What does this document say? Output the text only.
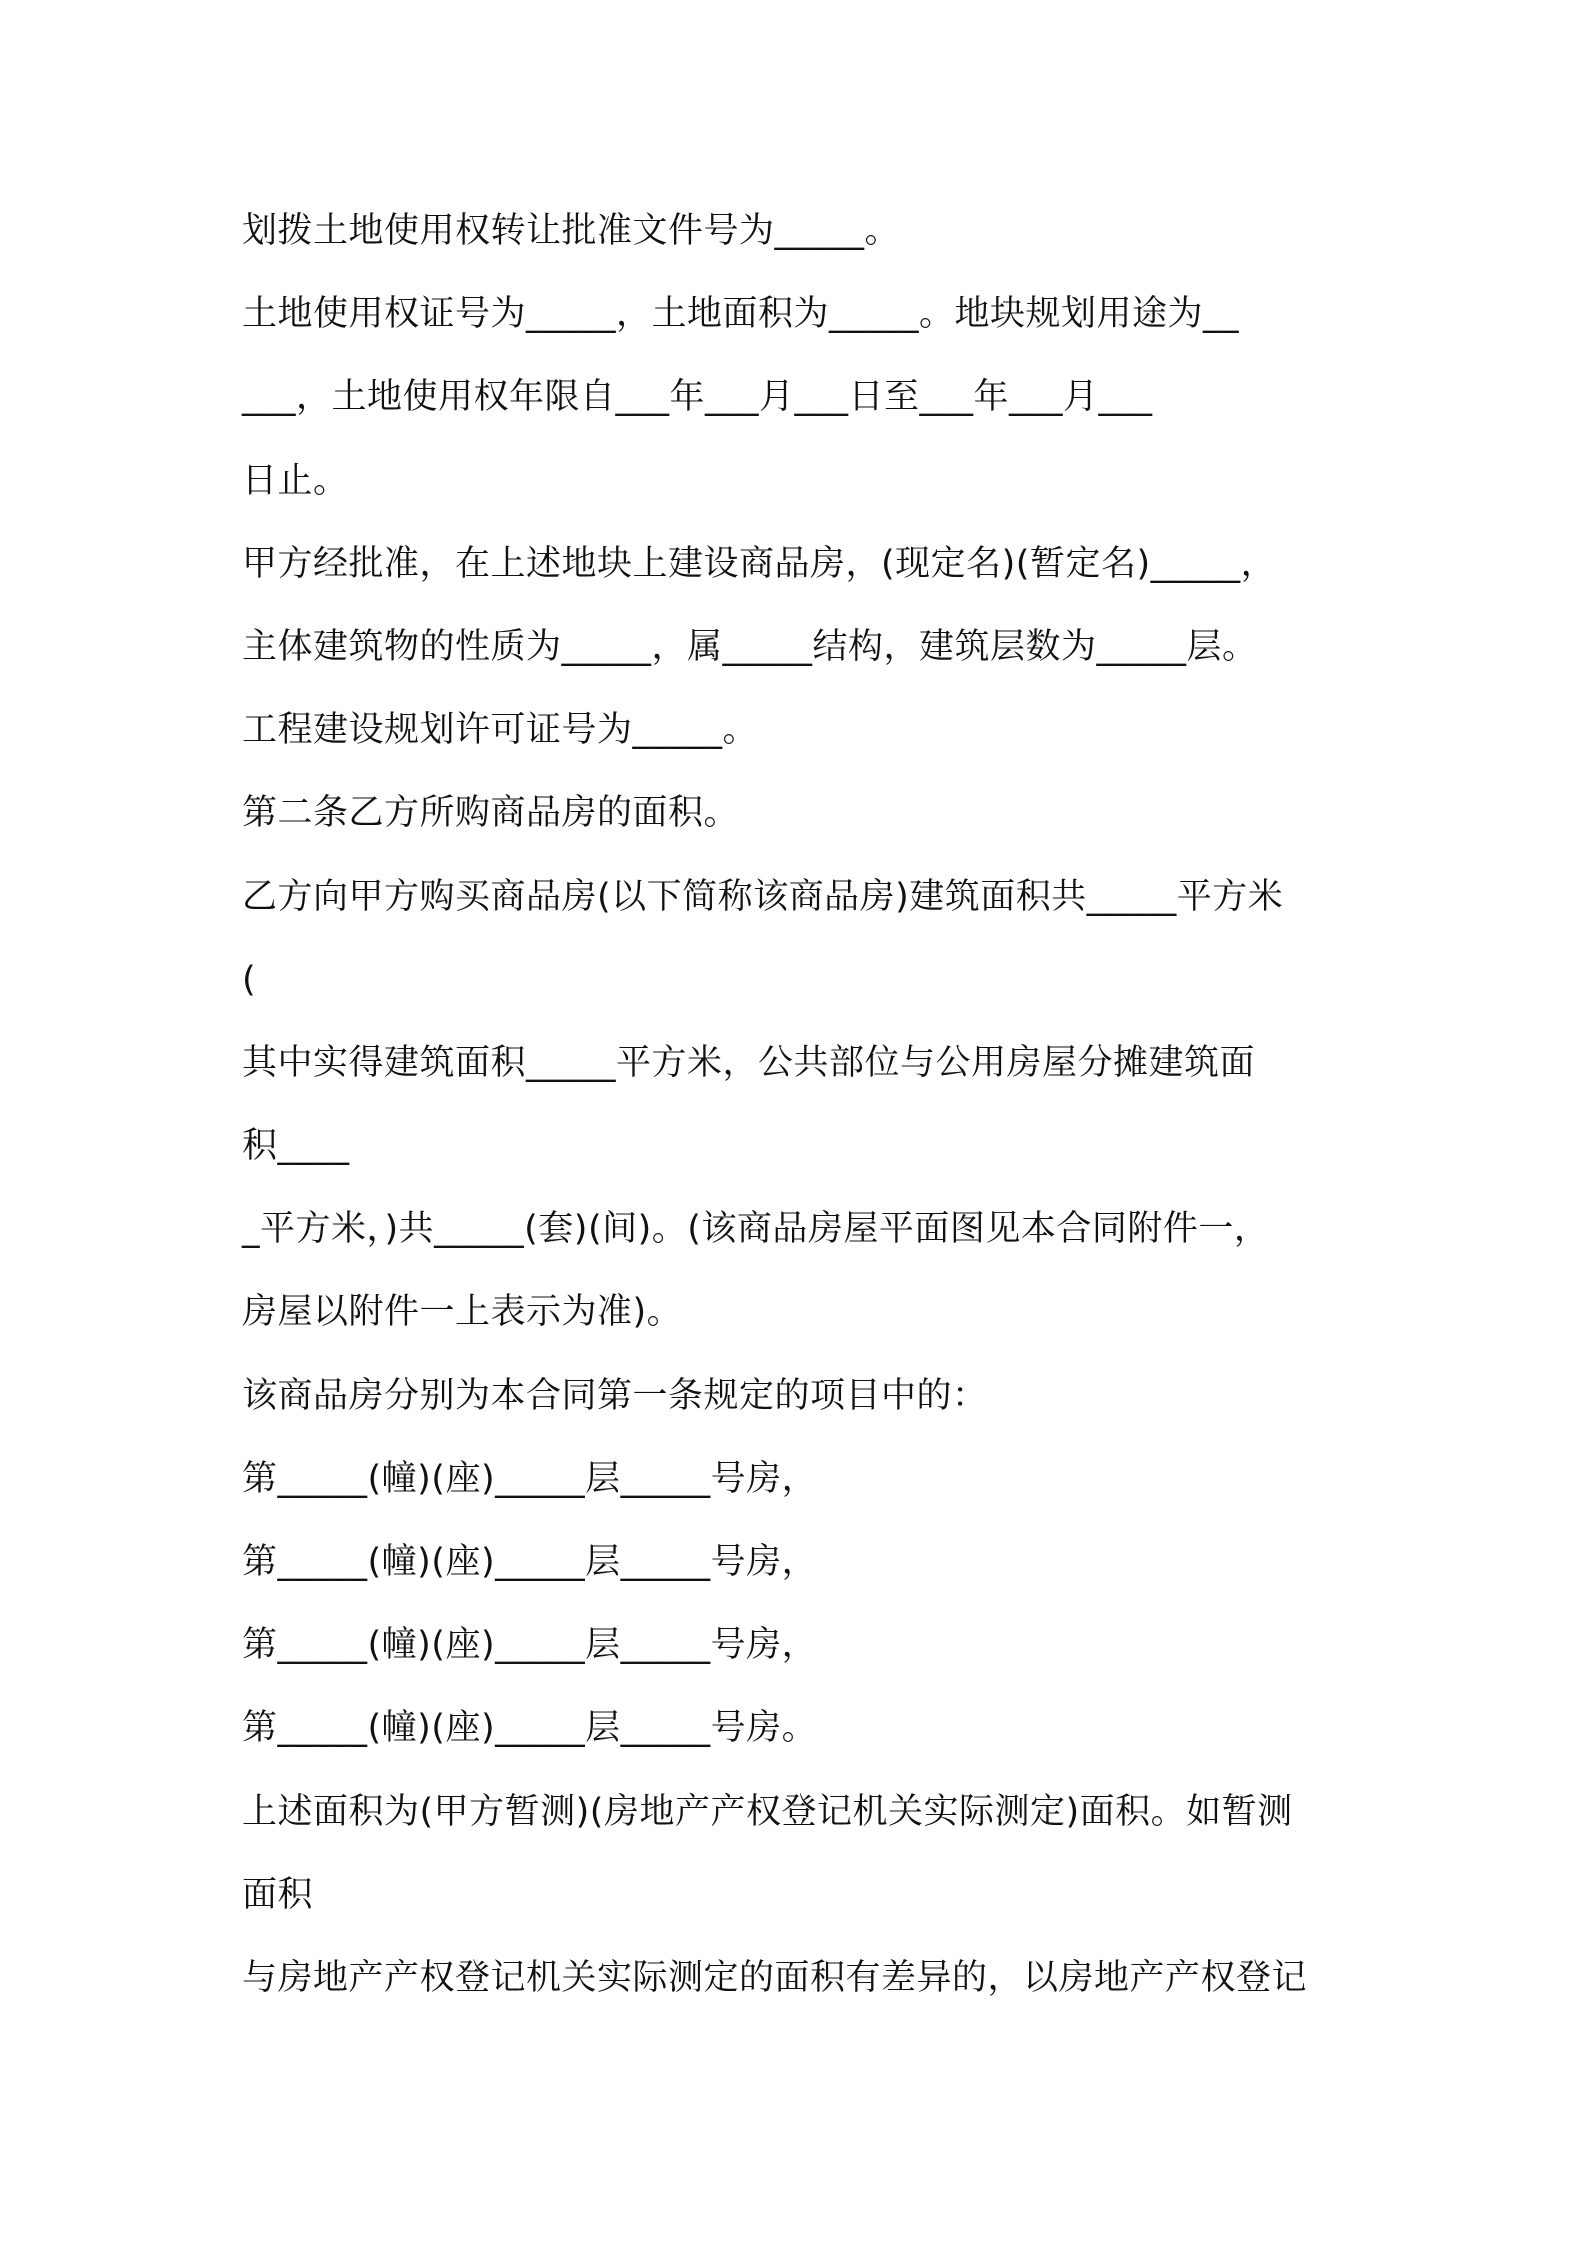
划拨土地使用权转让批准文件号为_____。
土地使用权证号为_____，土地面积为_____。地块规划用途为__
___，土地使用权年限自___年___月___日至___年___月___
日止。
甲方经批准，在上述地块上建设商品房，(现定名)(暂定名)_____，
主体建筑物的性质为_____，属_____结构，建筑层数为_____层。
工程建设规划许可证号为_____。
第二条乙方所购商品房的面积。
乙方向甲方购买商品房(以下简称该商品房)建筑面积共_____平方米
(
其中实得建筑面积_____平方米，公共部位与公用房屋分摊建筑面
积____
_平方米，)共_____(套)(间)。(该商品房屋平面图见本合同附件一，
房屋以附件一上表示为准)。
该商品房分别为本合同第一条规定的项目中的：
第_____(幢)(座)_____层_____号房，
第_____(幢)(座)_____层_____号房，
第_____(幢)(座)_____层_____号房，
第_____(幢)(座)_____层_____号房。
上述面积为(甲方暂测)(房地产产权登记机关实际测定)面积。如暂测
面积
与房地产产权登记机关实际测定的面积有差异的，以房地产产权登记
